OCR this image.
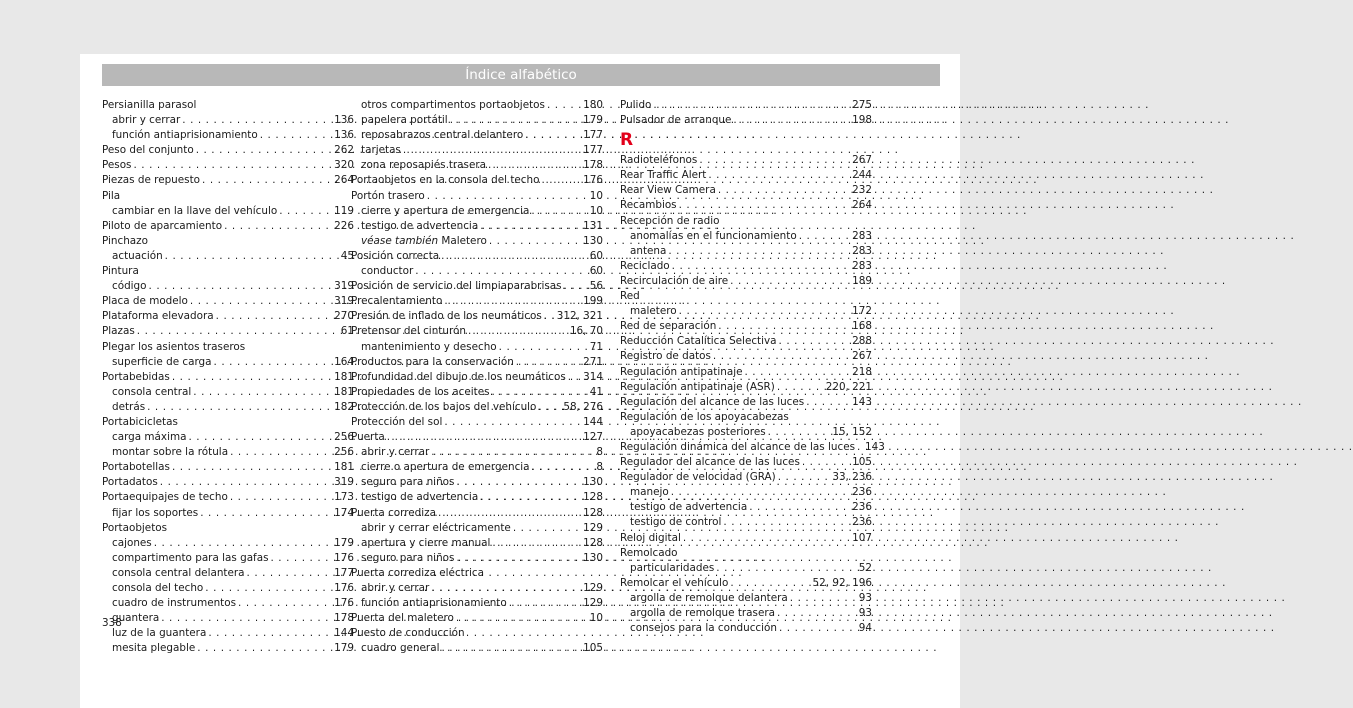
Índice alfabético
Persianilla parasol
abrir y cerrar . . .	136
función antiaprisionamiento . . .	136
Peso del conjunto . . .	262
Pesos . . .	320
Piezas de repuesto . . .	264
Pila
cambiar en la llave del vehículo . . .	119
Piloto de aparcamiento . . .	226
Pinchazo
actuación . . .	45
Pintura
código . . .	319
Placa de modelo . . .	319
Plataforma elevadora . . .	270
Plazas . . .	61
Plegar los asientos traseros
superficie de carga . . .	164
Portabebidas . . .	181
consola central . . .	181
detrás . . .	182
Portabicicletas
carga máxima . . .	256
montar sobre la rótula . . .	256
Portabotellas . . .	181
Portadatos . . .	319
Portaequipajes de techo . . .	173
fijar los soportes . . .	174
Portaobjetos
cajones . . .	179
compartimento para las gafas . . .	176
consola central delantera . . .	177
consola del techo . . .	176
cuadro de instrumentos . . .	176
guantera . . .	178
luz de la guantera . . .	144
mesita plegable . . .	179
otros compartimentos portaobjetos . . .	180
papelera portátil . . .	179
reposabrazos central delantero . . .	177
tarjetas . . .	177
zona reposapiés trasera . . .	178
Portaobjetos en la consola del techo . . .	176
Portón trasero . . .	10
cierre y apertura de emergencia . . .	10
testigo de advertencia . . .	131
véase también Maletero . . .	130
Posición correcta . . .	60
conductor . . .	60
Posición de servicio del limpiaparabrisas . . .	56
Precalentamiento . . .	199
Presión de inflado de los neumáticos . . . 312, 321
Pretensor del cinturón . . .	16, 70
mantenimiento y desecho . . .	71
Productos para la conservación . . .	271
Profundidad del dibujo de los neumáticos . . . 314
Propiedades de los aceites . . .	41
Protección de los bajos del vehículo . . .	58, 276
Protección del sol . . .	144
Puerta . . .	127
abrir y cerrar . . .	8
cierre o apertura de emergencia . . .	8
seguro para niños . . .	130
testigo de advertencia . . .	128
Puerta corrediza . . .	128
abrir y cerrar eléctricamente . . .	129
apertura y cierre manual . . .	128
seguro para niños . . .	130
Puerta corrediza eléctrica
abrir y cerrar . . .	129
función antiaprisionamiento . . .	129
Puerta del maletero . . .	10
Puesto de conducción
cuadro general . . .	105
Pulido . . .	275
Pulsador de arranque . . .	198
R
Radioteléfonos . . .	267
Rear Traffic Alert . . .	244
Rear View Camera . . .	232
Recambios . . .	264
Recepción de radio
anomalías en el funcionamiento . . .	283
antena . . .	283
Reciclado . . .	283
Recirculación de aire . . .	189
Red
maletero . . .	172
Red de separación . . .	168
Reducción Catalítica Selectiva . . .	288
Registro de datos . . .	267
Regulación antipatinaje . . .	218
Regulación antipatinaje (ASR) . . .	220, 221
Regulación del alcance de las luces . . .	143
Regulación de los apoyacabezas
apoyacabezas posteriores . . .	15, 152
Regulación dinámica del alcance de las luces . . . 143
Regulador del alcance de las luces . . .	105
Regulador de velocidad (GRA) . . .	33, 236
manejo . . .	236
testigo de advertencia . . .	236
testigo de control . . .	236
Reloj digital . . .	107
Remolcado
particularidades . . .	52
Remolcar el vehículo . . .	52, 92, 196
argolla de remolque delantera . . .	93
argolla de remolque trasera . . .	93
consejos para la conducción . . .	94
338
